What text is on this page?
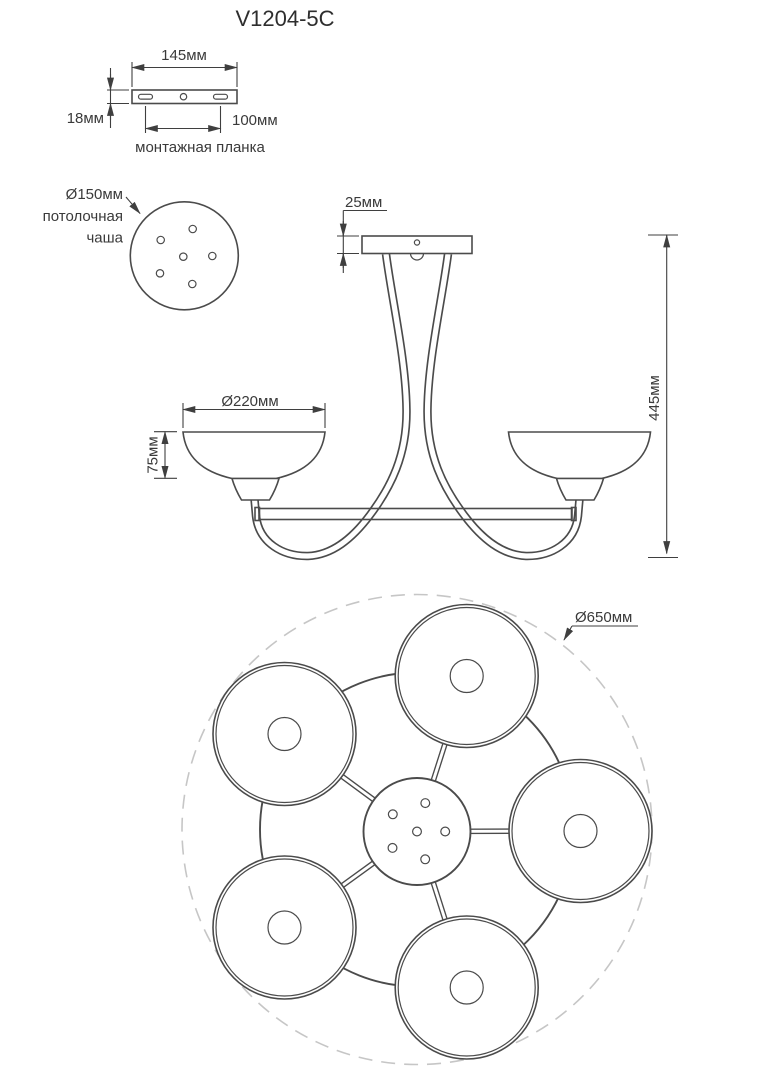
V1204-5C
145мм
18мм	100мм
монтажная планка
Ø150мм
потолочная
чаша
25мм
Ø220мм
75мм
445мм
Ø650мм
